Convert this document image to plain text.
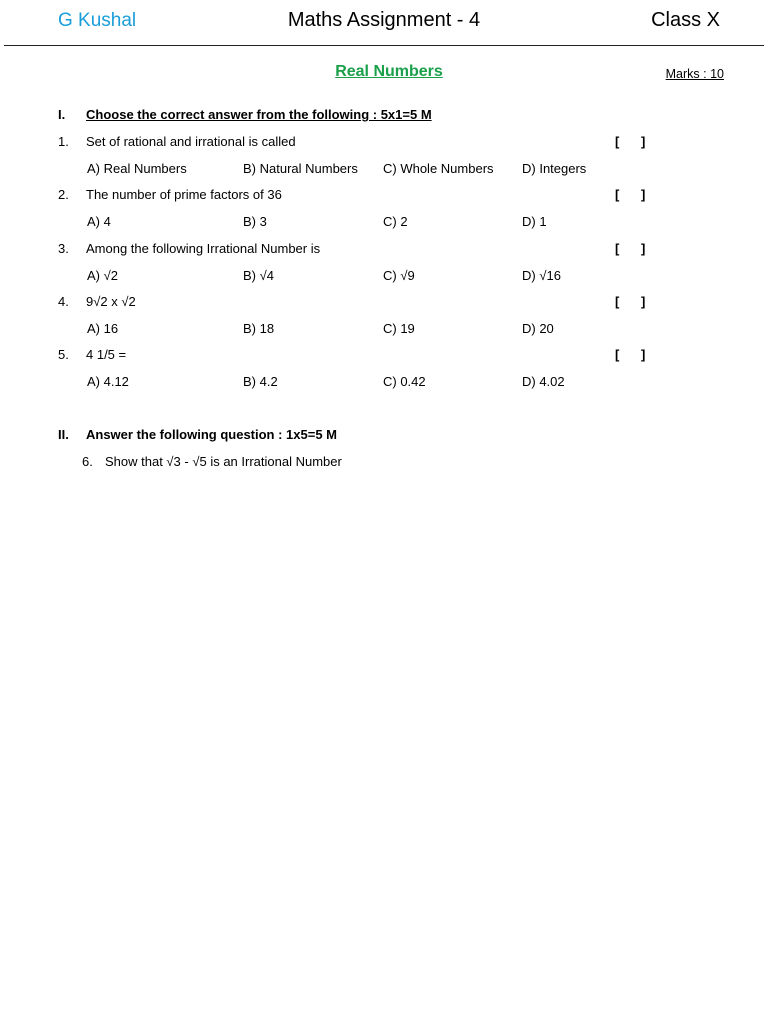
G Kushal	Maths Assignment - 4	Class X
Real Numbers	Marks : 10
I. Choose the correct answer from the following : 5x1=5 M
1. Set of rational and irrational is called	[ ]
A) Real Numbers	B) Natural Numbers C) Whole Numbers D) Integers
2. The number of prime factors of 36	[ ]
A) 4	B) 3	C) 2	D) 1
3. Among the following Irrational Number is	[ ]
A) √2	B) √4	C) √9	D) √16
4. 9√2 x √2	[ ]
A) 16	B) 18	C) 19	D) 20
5. 4 1/5 =	[ ]
A) 4.12	B) 4.2	C) 0.42	D) 4.02
II. Answer the following question : 1x5=5 M
6. Show that √3 - √5 is an Irrational Number
